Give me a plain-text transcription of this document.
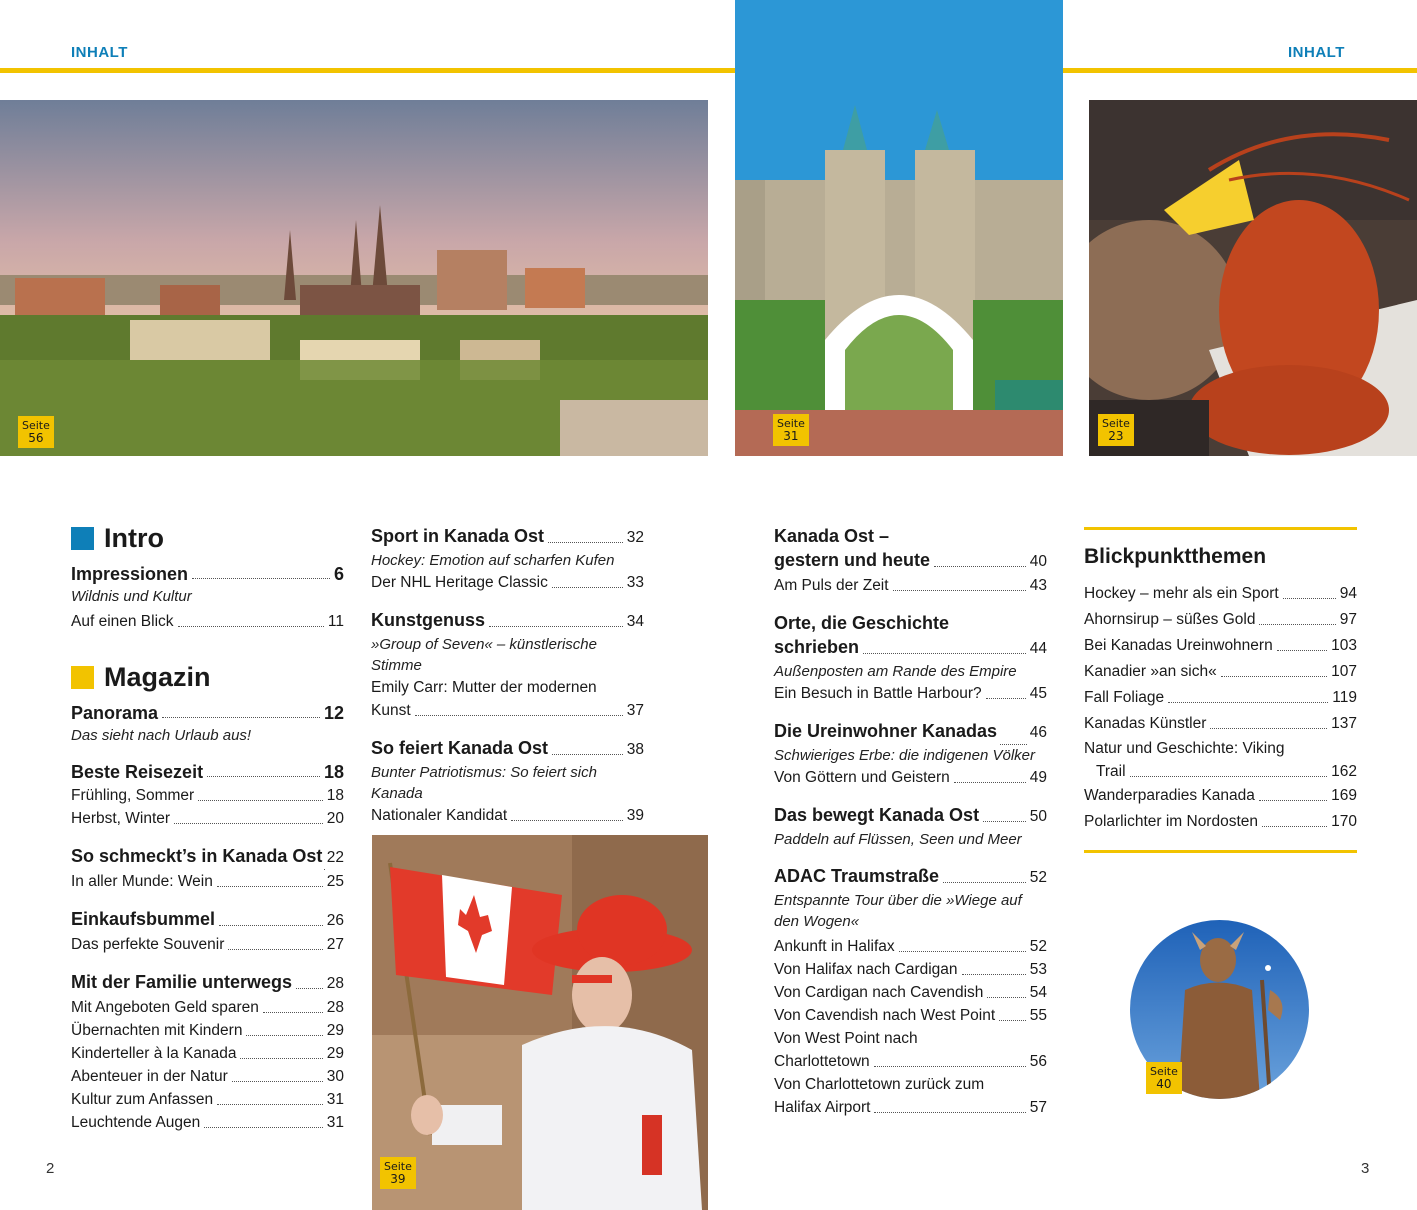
INHALT	INHALT
Seite
56
Seite
31
Seite
23
Intro
Impressionen	6
Wildnis und Kultur
Auf einen Blick	11
Magazin
Panorama	12
Das sieht nach Urlaub aus!
Beste Reisezeit	18
Frühling, Sommer	18
Herbst, Winter	20
So schmeckt’s in Kanada Ost 22
In aller Munde: Wein	25
Einkaufsbummel	26
Das perfekte Souvenir	27
Mit der Familie unterwegs 28
Mit Angeboten Geld sparen	28
Übernachten mit Kindern	29
Kinderteller à la Kanada	29
Abenteuer in der Natur	30
Kultur zum Anfassen	31
Leuchtende Augen	31
Sport in Kanada Ost	32
Hockey: Emotion auf scharfen Kufen
Der NHL Heritage Classic	33
Kunstgenuss	34
»Group of Seven« – künstlerische Stimme
Emily Carr: Mutter der modernen
Kunst	37
So feiert Kanada Ost	38
Bunter Patriotismus: So feiert sich Kanada
Nationaler Kandidat	39
Seite
39
Kanada Ost –
gestern und heute	40
Am Puls der Zeit	43
Orte, die Geschichte
schrieben	44
Außenposten am Rande des Empire
Ein Besuch in Battle Harbour?	45
Die Ureinwohner Kanadas 46
Schwieriges Erbe: die indigenen Völker
Von Göttern und Geistern	49
Das bewegt Kanada Ost	50
Paddeln auf Flüssen, Seen und Meer
ADAC Traumstraße	52
Entspannte Tour über die »Wiege auf den Wogen«
Ankunft in Halifax	52
Von Halifax nach Cardigan	53
Von Cardigan nach Cavendish	54
Von Cavendish nach West Point 55
Von West Point nach
Charlottetown	56
Von Charlottetown zurück zum
Halifax Airport	57
Blickpunktthemen
Hockey – mehr als ein Sport	94
Ahornsirup – süßes Gold	97
Bei Kanadas Ureinwohnern	103
Kanadier »an sich«	107
Fall Foliage	119
Kanadas Künstler	137
Natur und Geschichte: Viking
Trail	162
Wanderparadies Kanada	169
Polarlichter im Nordosten	170
Seite
40
2	3
